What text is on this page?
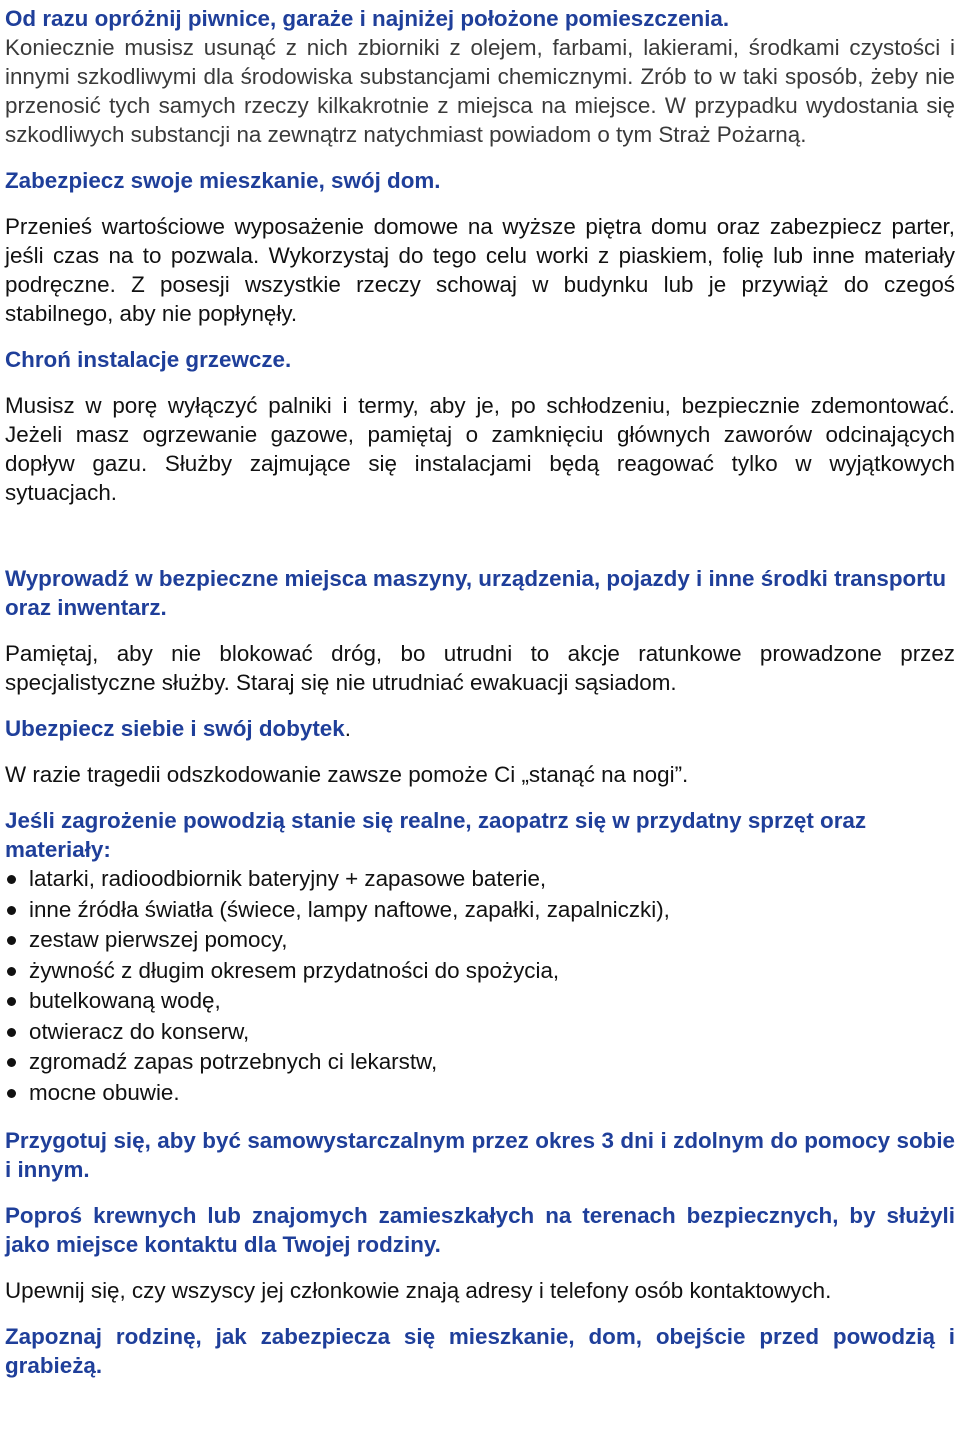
Od razu opróżnij piwnice, garaże i najniżej położone pomieszczenia.

Koniecznie musisz usunąć z nich zbiorniki z olejem, farbami, lakierami, środkami czystości i innymi szkodliwymi dla środowiska substancjami chemicznymi. Zrób to w taki sposób, żeby nie przenosić tych samych rzeczy kilkakrotnie z miejsca na miejsce. W przypadku wydostania się szkodliwych substancji na zewnątrz natychmiast powiadom o tym Straż Pożarną.

Zabezpiecz swoje mieszkanie, swój dom.

Przenieś wartościowe wyposażenie domowe na wyższe piętra domu oraz zabezpiecz parter, jeśli czas na to pozwala. Wykorzystaj do tego celu worki z piaskiem, folię lub inne materiały podręczne. Z posesji wszystkie rzeczy schowaj w budynku lub je przywiąż do czegoś stabilnego, aby nie popłynęły.

Chroń instalacje grzewcze.

Musisz w porę wyłączyć palniki i termy, aby je, po schłodzeniu, bezpiecznie zdemontować. Jeżeli masz ogrzewanie gazowe, pamiętaj o zamknięciu głównych zaworów odcinających dopływ gazu. Służby zajmujące się instalacjami będą reagować tylko w wyjątkowych sytuacjach.

Wyprowadź w bezpieczne miejsca maszyny, urządzenia, pojazdy i inne środki transportu oraz inwentarz.

Pamiętaj, aby nie blokować dróg, bo utrudni to akcje ratunkowe prowadzone przez specjalistyczne służby. Staraj się nie utrudniać ewakuacji sąsiadom.

Ubezpiecz siebie i swój dobytek.

W razie tragedii odszkodowanie zawsze pomoże Ci „stanąć na nogi”.

Jeśli zagrożenie powodzią stanie się realne, zaopatrz się w przydatny sprzęt oraz materiały:

latarki, radioodbiornik bateryjny + zapasowe baterie,
inne źródła światła (świece, lampy naftowe, zapałki, zapalniczki),
zestaw pierwszej pomocy,
żywność z długim okresem przydatności do spożycia,
butelkowaną wodę,
otwieracz do konserw,
zgromadź zapas potrzebnych ci lekarstw,
mocne obuwie.

Przygotuj się, aby być samowystarczalnym przez okres 3 dni i zdolnym do pomocy sobie i innym.

Poproś krewnych lub znajomych zamieszkałych na terenach bezpiecznych, by służyli jako miejsce kontaktu dla Twojej rodziny.

Upewnij się, czy wszyscy jej członkowie znają adresy i telefony osób kontaktowych.

Zapoznaj rodzinę, jak zabezpiecza się mieszkanie, dom, obejście przed powodzią i grabieżą.
